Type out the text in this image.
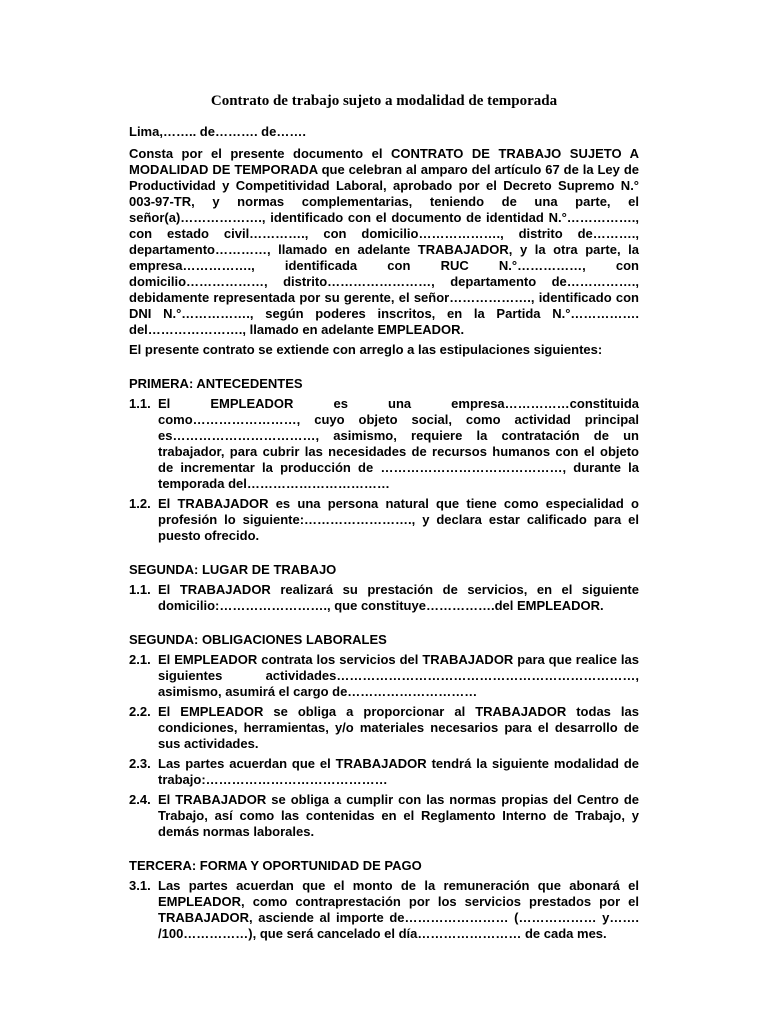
Contrato de trabajo sujeto a modalidad de temporada

Lima,…….. de………. de…….

Consta por el presente documento el CONTRATO DE TRABAJO SUJETO A MODALIDAD DE TEMPORADA que celebran al amparo del artículo 67 de la Ley de Productividad y Competitividad Laboral, aprobado por el Decreto Supremo N.° 003-97-TR, y normas complementarias, teniendo de una parte, el señor(a)………………., identificado con el documento de identidad N.°……………., con estado civil…………., con domicilio………………., distrito de………., departamento…………, llamado en adelante TRABAJADOR, y la otra parte, la empresa……………., identificada con RUC N.°……………, con domicilio………………, distrito……………………, departamento de……………., debidamente representada por su gerente, el señor………………., identificado con DNI N.°……………., según poderes inscritos, en la Partida N.°……………. del…………………., llamado en adelante EMPLEADOR.

El presente contrato se extiende con arreglo a las estipulaciones siguientes:

PRIMERA: ANTECEDENTES

1.1. El EMPLEADOR es una empresa……………constituida como……………………, cuyo objeto social, como actividad principal es……………………………, asimismo, requiere la contratación de un trabajador, para cubrir las necesidades de recursos humanos con el objeto de incrementar la producción de ……………………………………, durante la temporada del……………………………
1.2. El TRABAJADOR es una persona natural que tiene como especialidad o profesión lo siguiente:……………………., y declara estar calificado para el puesto ofrecido.

SEGUNDA: LUGAR DE TRABAJO

1.1. El TRABAJADOR realizará su prestación de servicios, en el siguiente domicilio:……………………., que constituye…………….del EMPLEADOR.

SEGUNDA: OBLIGACIONES LABORALES

2.1. El EMPLEADOR contrata los servicios del TRABAJADOR para que realice las siguientes actividades……………………………………………………………, asimismo, asumirá el cargo de…………………………
2.2. El EMPLEADOR se obliga a proporcionar al TRABAJADOR todas las condiciones, herramientas, y/o materiales necesarios para el desarrollo de sus actividades.
2.3. Las partes acuerdan que el TRABAJADOR tendrá la siguiente modalidad de trabajo:……………………………………
2.4. El TRABAJADOR se obliga a cumplir con las normas propias del Centro de Trabajo, así como las contenidas en el Reglamento Interno de Trabajo, y demás normas laborales.

TERCERA: FORMA Y OPORTUNIDAD DE PAGO

3.1. Las partes acuerdan que el monto de la remuneración que abonará el EMPLEADOR, como contraprestación por los servicios prestados por el TRABAJADOR, asciende al importe de…………………… (……………… y……. /100……………), que será cancelado el día…………………… de cada mes.
